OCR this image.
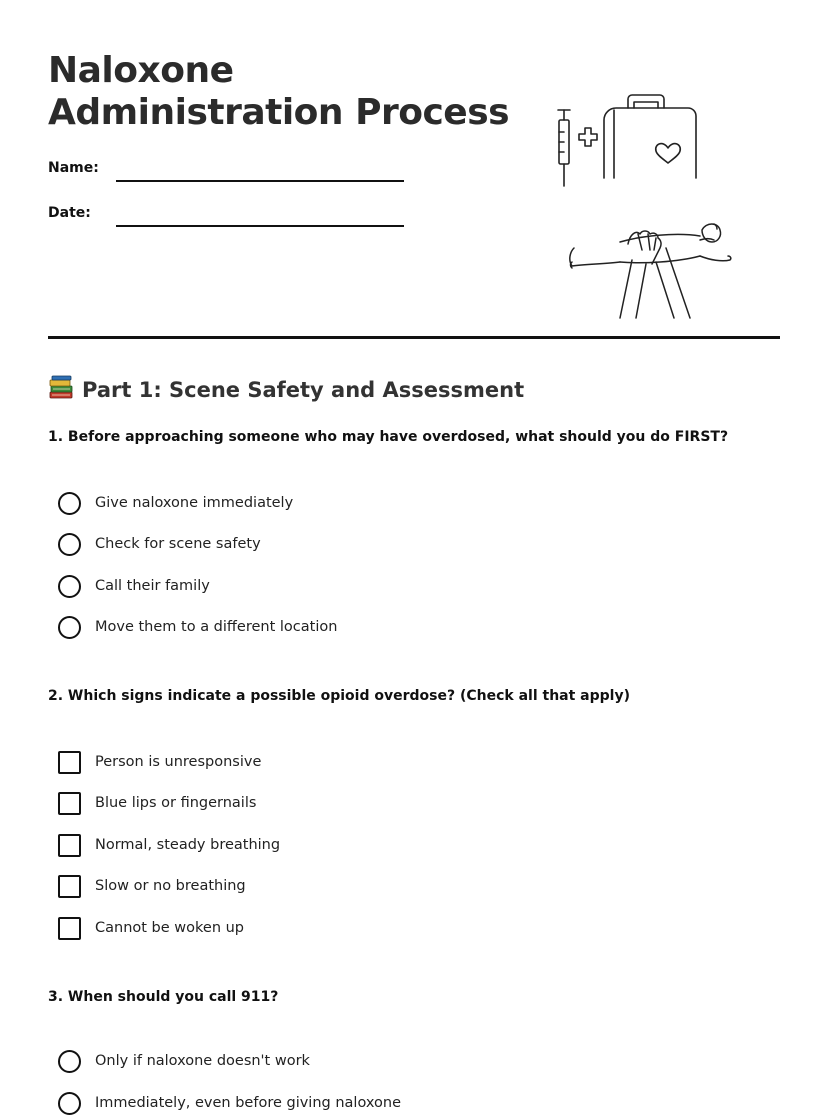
Naloxone
Administration Process
Name:
Date:
Part 1: Scene Safety and Assessment
1. Before approaching someone who may have overdosed, what should you do FIRST?
Give naloxone immediately
Check for scene safety
Call their family
Move them to a different location
2. Which signs indicate a possible opioid overdose? (Check all that apply)
Person is unresponsive
Blue lips or fingernails
Normal, steady breathing
Slow or no breathing
Cannot be woken up
3. When should you call 911?
Only if naloxone doesn't work
Immediately, even before giving naloxone
